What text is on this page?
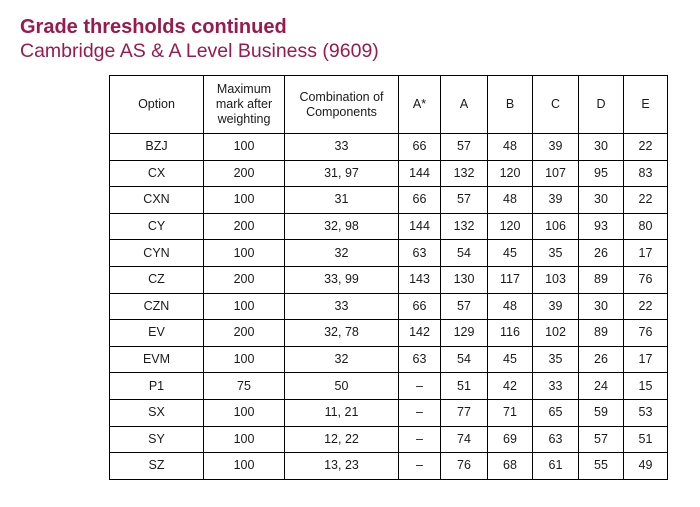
Grade thresholds continued
Cambridge AS & A Level Business (9609)
Option	Maximum
mark after
weighting	Combination of
Components	A*	A	B	C	D	E
BZJ	100	33	66	57	48	39	30	22
CX	200	31, 97	144	132	120	107	95	83
CXN	100	31	66	57	48	39	30	22
CY	200	32, 98	144	132	120	106	93	80
CYN	100	32	63	54	45	35	26	17
CZ	200	33, 99	143	130	117	103	89	76
CZN	100	33	66	57	48	39	30	22
EV	200	32, 78	142	129	116	102	89	76
EVM	100	32	63	54	45	35	26	17
P1	75	50	–	51	42	33	24	15
SX	100	11, 21	–	77	71	65	59	53
SY	100	12, 22	–	74	69	63	57	51
SZ	100	13, 23	–	76	68	61	55	49
